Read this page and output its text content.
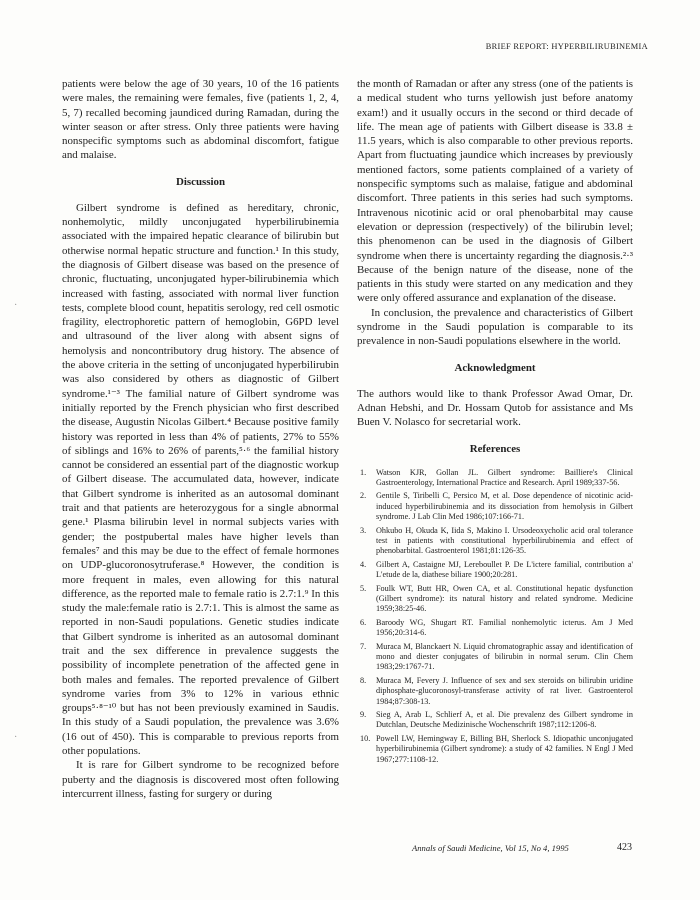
BRIEF REPORT: HYPERBILIRUBINEMIA

patients were below the age of 30 years, 10 of the 16 patients were males, the remaining were females, five (patients 1, 2, 4, 5, 7) recalled becoming jaundiced during Ramadan, during the winter season or after stress. Only three patients were having nonspecific symptoms such as abdominal discomfort, fatigue and malaise.

Discussion

Gilbert syndrome is defined as hereditary, chronic, nonhemolytic, mildly unconjugated hyperbilirubinemia associated with the impaired hepatic clearance of bilirubin but otherwise normal hepatic structure and function.¹ In this study, the diagnosis of Gilbert disease was based on the presence of chronic, fluctuating, unconjugated hyper-bilirubinemia which increased with fasting, associated with normal liver function tests, complete blood count, hepatitis serology, red cell osmotic fragility, electrophoretic pattern of hemoglobin, G6PD level and ultrasound of the liver along with absent signs of hemolysis and noncontributory drug history. The absence of the above criteria in the setting of unconjugated hyperbilirubin was also considered by others as diagnostic of Gilbert syndrome.¹⁻³ The familial nature of Gilbert syndrome was initially reported by the French physician who first described the disease, Augustin Nicolas Gilbert.⁴ Because positive family history was reported in less than 4% of patients, 27% to 55% of siblings and 16% to 26% of parents,⁵·⁶ the familial history cannot be considered an essential part of the diagnostic workup of Gilbert disease. The accumulated data, however, indicate that Gilbert syndrome is inherited as an autosomal dominant trait and that patients are heterozygous for a single abnormal gene.¹ Plasma bilirubin level in normal subjects varies with gender; the postpubertal males have higher levels than females⁷ and this may be due to the effect of female hormones on UDP-glucoronosytruferase.⁸ However, the condition is more frequent in males, even allowing for this natural difference, as the reported male to female ratio is 2.7:1.⁹ In this study the male:female ratio is 2.7:1. This is almost the same as reported in non-Saudi populations. Genetic studies indicate that Gilbert syndrome is inherited as an autosomal dominant trait and the sex difference in prevalence suggests the possibility of incomplete penetration of the affected gene in both males and females. The reported prevalence of Gilbert syndrome varies from 3% to 12% in various ethnic groups⁵·⁸⁻¹⁰ but has not been previously examined in Saudis. In this study of a Saudi population, the prevalence was 3.6% (16 out of 450). This is comparable to previous reports from other populations.

It is rare for Gilbert syndrome to be recognized before puberty and the diagnosis is discovered most often following intercurrent illness, fasting for surgery or during

the month of Ramadan or after any stress (one of the patients is a medical student who turns yellowish just before anatomy exam!) and it usually occurs in the second or third decade of life. The mean age of patients with Gilbert disease is 33.8 ± 11.5 years, which is also comparable to other previous reports. Apart from fluctuating jaundice which increases by previously mentioned factors, some patients complained of a variety of nonspecific symptoms such as malaise, fatigue and abdominal discomfort. Three patients in this series had such symptoms. Intravenous nicotinic acid or oral phenobarbital may cause elevation or depression (respectively) of the bilirubin level; this phenomenon can be used in the diagnosis of Gilbert syndrome when there is uncertainty regarding the diagnosis.²·³ Because of the benign nature of the disease, none of the patients in this study were started on any medication and they were only offered assurance and explanation of the disease.

In conclusion, the prevalence and characteristics of Gilbert syndrome in the Saudi population is comparable to its prevalence in non-Saudi populations elsewhere in the world.

Acknowledgment

The authors would like to thank Professor Awad Omar, Dr. Adnan Hebshi, and Dr. Hossam Qutob for assistance and Ms Buen V. Nolasco for secretarial work.

References
1. Watson KJR, Gollan JL. Gilbert syndrome: Bailliere's Clinical Gastroenterology, International Practice and Research. April 1989;337-56.
2. Gentile S, Tiribelli C, Persico M, et al. Dose dependence of nicotinic acid-induced hyperbilirubinemia and its dissociation from hemolysis in Gilbert syndrome. J Lab Clin Med 1986;107:166-71.
3. Ohkubo H, Okuda K, Iida S, Makino I. Ursodeoxycholic acid oral tolerance test in patients with constitutional hyperbilirubinemia and effect of phenobarbital. Gastroenterol 1981;81:126-35.
4. Gilbert A, Castaigne MJ, Lereboullet P. De L'ictere familial, contribution a' L'etude de la, diathese biliare 1900;20:281.
5. Foulk WT, Butt HR, Owen CA, et al. Constitutional hepatic dysfunction (Gilbert syndrome): its natural history and related syndrome. Medicine 1959;38:25-46.
6. Baroody WG, Shugart RT. Familial nonhemolytic icterus. Am J Med 1956;20:314-6.
7. Muraca M, Blanckaert N. Liquid chromatographic assay and identification of mono and diester conjugates of bilirubin in normal serum. Clin Chem 1983;29:1767-71.
8. Muraca M, Fevery J. Influence of sex and sex steroids on bilirubin uridine diphosphate-glucoronosyl-transferase activity of rat liver. Gastroenterol 1984;87:308-13.
9. Sieg A, Arab L, Schlierf A, et al. Die prevalenz des Gilbert syndrome in Dutchlan, Deutsche Medizinische Wochenschrift 1987;112:1206-8.
10. Powell LW, Hemingway E, Billing BH, Sherlock S. Idiopathic unconjugated hyperbilirubinemia (Gilbert syndrome): a study of 42 families. N Engl J Med 1967;277:1108-12.
Annals of Saudi Medicine, Vol 15, No 4, 1995	423
·
·
